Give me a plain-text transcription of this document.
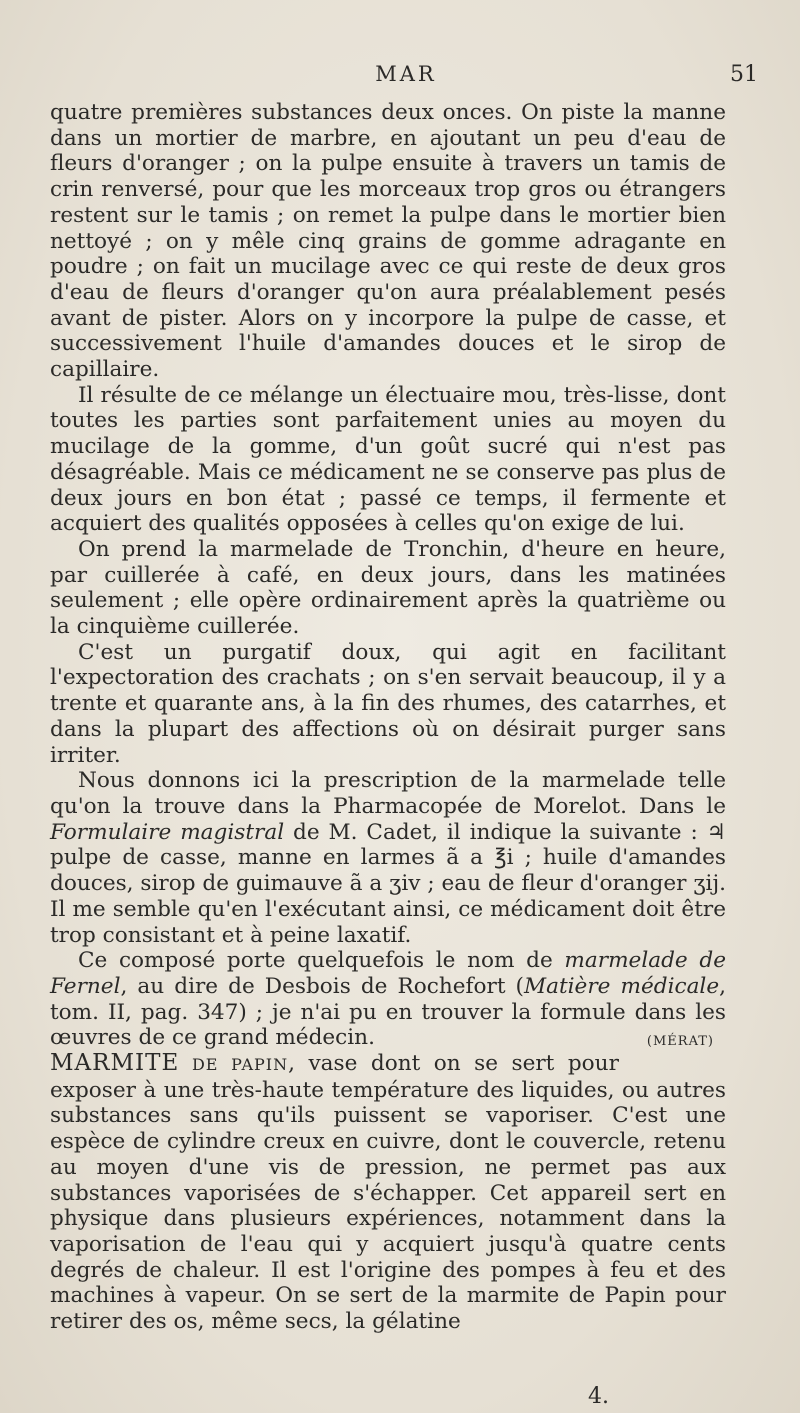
MAR	51

quatre premières substances deux onces. On piste la manne dans un mortier de marbre, en ajoutant un peu d'eau de fleurs d'oranger ; on la pulpe ensuite à travers un tamis de crin renversé, pour que les morceaux trop gros ou étrangers restent sur le tamis ; on remet la pulpe dans le mortier bien nettoyé ; on y mêle cinq grains de gomme adragante en poudre ; on fait un mucilage avec ce qui reste de deux gros d'eau de fleurs d'oranger qu'on aura préalablement pesés avant de pister. Alors on y incorpore la pulpe de casse, et successivement l'huile d'amandes douces et le sirop de capillaire.

Il résulte de ce mélange un électuaire mou, très-lisse, dont toutes les parties sont parfaitement unies au moyen du mucilage de la gomme, d'un goût sucré qui n'est pas désagréable. Mais ce médicament ne se conserve pas plus de deux jours en bon état ; passé ce temps, il fermente et acquiert des qualités opposées à celles qu'on exige de lui.

On prend la marmelade de Tronchin, d'heure en heure, par cuillerée à café, en deux jours, dans les matinées seulement ; elle opère ordinairement après la quatrième ou la cinquième cuillerée.

C'est un purgatif doux, qui agit en facilitant l'expectoration des crachats ; on s'en servait beaucoup, il y a trente et quarante ans, à la fin des rhumes, des catarrhes, et dans la plupart des affections où on désirait purger sans irriter.

Nous donnons ici la prescription de la marmelade telle qu'on la trouve dans la Pharmacopée de Morelot. Dans le Formulaire magistral de M. Cadet, il indique la suivante : ♃ pulpe de casse, manne en larmes ã a ℥i ; huile d'amandes douces, sirop de guimauve ã a ʒiv ; eau de fleur d'oranger ʒij. Il me semble qu'en l'exécutant ainsi, ce médicament doit être trop consistant et à peine laxatif.

Ce composé porte quelquefois le nom de marmelade de Fernel, au dire de Desbois de Rochefort (Matière médicale, tom. II, pag. 347) ; je n'ai pu en trouver la formule dans les œuvres de ce grand médecin.	(MÉRAT)

MARMITE DE PAPIN, vase dont on se sert pour exposer à une très-haute température des liquides, ou autres substances sans qu'ils puissent se vaporiser. C'est une espèce de cylindre creux en cuivre, dont le couvercle, retenu au moyen d'une vis de pression, ne permet pas aux substances vaporisées de s'échapper. Cet appareil sert en physique dans plusieurs expériences, notamment dans la vaporisation de l'eau qui y acquiert jusqu'à quatre cents degrés de chaleur. Il est l'origine des pompes à feu et des machines à vapeur. On se sert de la marmite de Papin pour retirer des os, même secs, la gélatine

4.
